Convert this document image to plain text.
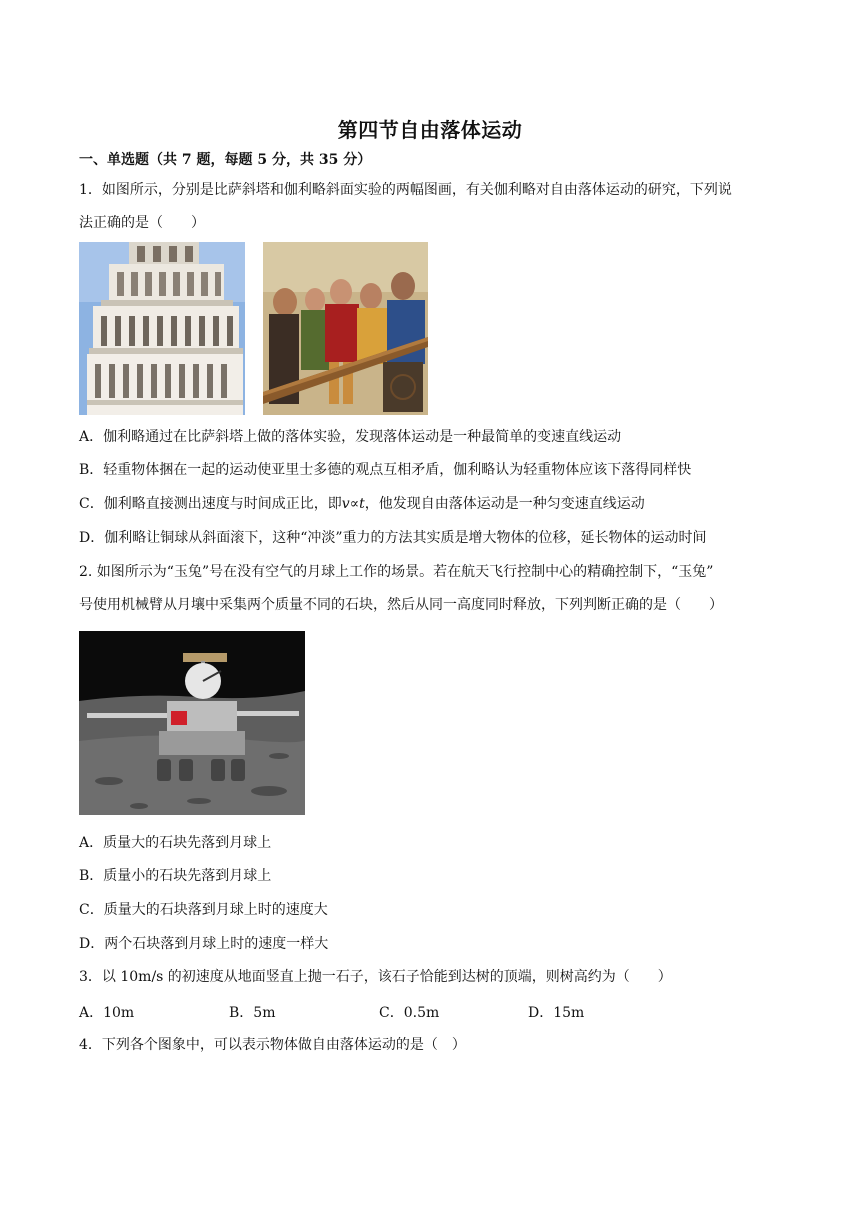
第四节自由落体运动
一、单选题（共 7 题，每题 5 分，共 35 分）
1．如图所示，分别是比萨斜塔和伽利略斜面实验的两幅图画，有关伽利略对自由落体运动的研究，下列说
法正确的是（　　）
A．伽利略通过在比萨斜塔上做的落体实验，发现落体运动是一种最简单的变速直线运动
B．轻重物体捆在一起的运动使亚里士多德的观点互相矛盾，伽利略认为轻重物体应该下落得同样快
C．伽利略直接测出速度与时间成正比，即v∝t，他发现自由落体运动是一种匀变速直线运动
D．伽利略让铜球从斜面滚下，这种“冲淡”重力的方法其实质是增大物体的位移，延长物体的运动时间
2. 如图所示为“玉兔”号在没有空气的月球上工作的场景。若在航天飞行控制中心的精确控制下，“玉兔”
号使用机械臂从月壤中采集两个质量不同的石块，然后从同一高度同时释放，下列判断正确的是（　　）
A．质量大的石块先落到月球上
B．质量小的石块先落到月球上
C．质量大的石块落到月球上时的速度大
D．两个石块落到月球上时的速度一样大
3．以 10m/s 的初速度从地面竖直上抛一石子，该石子恰能到达树的顶端，则树高约为（　　）
A．10m	B．5m	C．0.5m	D．15m
4．下列各个图象中，可以表示物体做自由落体运动的是（　）
